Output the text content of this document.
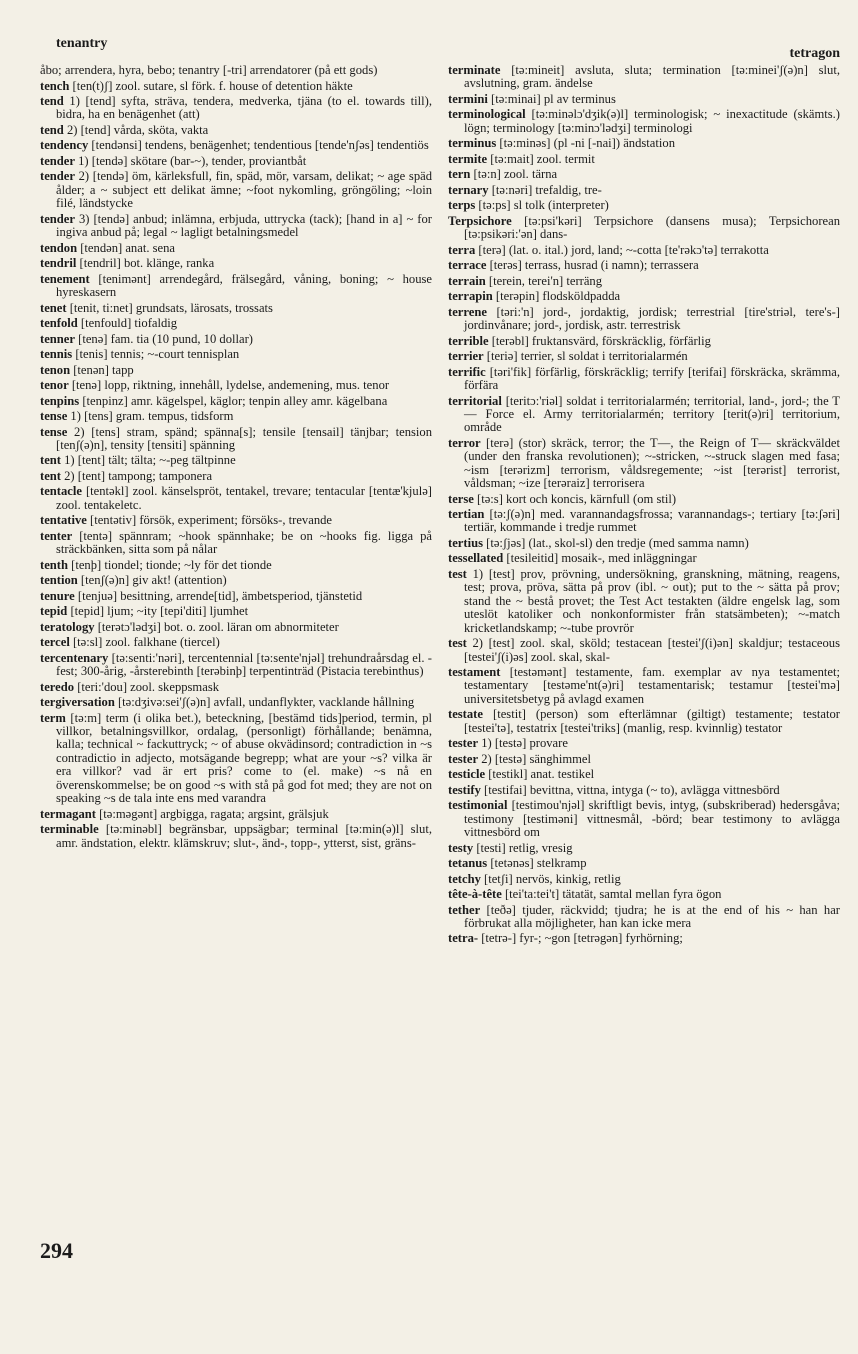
tenantry
tetragon

åbo; arrendera, hyra, bebo; tenantry [-tri] arrendatorer (på ett gods)

tench [ten(t)ʃ] zool. sutare, sl förk. f. house of detention häkte

tend 1) [tend] syfta, sträva, tendera, medverka, tjäna (to el. towards till), bidra, ha en benägenhet (att)

tend 2) [tend] vårda, sköta, vakta

tendency [tendənsi] tendens, benägenhet; tendentious [tende'nʃəs] tendentiös

tender 1) [tendə] skötare (bar-~), tender, proviantbåt

tender 2) [tendə] öm, kärleksfull, fin, späd, mör, varsam, delikat; ~ age späd ålder; a ~ subject ett delikat ämne; ~foot nykomling, gröngöling; ~loin filé, ländstycke

tender 3) [tendə] anbud; inlämna, erbjuda, uttrycka (tack); [hand in a] ~ for ingiva anbud på; legal ~ lagligt betalningsmedel

tendon [tendən] anat. sena

tendril [tendril] bot. klänge, ranka

tenement [tenimənt] arrendegård, frälsegård, våning, boning; ~ house hyreskasern

tenet [tenit, ti:net] grundsats, lärosats, trossats

tenfold [tenfould] tiofaldig

tenner [tenə] fam. tia (10 pund, 10 dollar)

tennis [tenis] tennis; ~-court tennisplan

tenon [tenən] tapp

tenor [tenə] lopp, riktning, innehåll, lydelse, andemening, mus. tenor

tenpins [tenpinz] amr. kägelspel, käglor; tenpin alley amr. kägelbana

tense 1) [tens] gram. tempus, tidsform

tense 2) [tens] stram, spänd; spänna[s]; tensile [tensail] tänjbar; tension [tenʃ(ə)n], tensity [tensiti] spänning

tent 1) [tent] tält; tälta; ~-peg tältpinne

tent 2) [tent] tampong; tamponera

tentacle [tentəkl] zool. känselspröt, tentakel, trevare; tentacular [tentæ'kjulə] zool. tentakeletc.

tentative [tentətiv] försök, experiment; försöks-, trevande

tenter [tentə] spännram; ~hook spännhake; be on ~hooks fig. ligga på sträckbänken, sitta som på nålar

tenth [tenþ] tiondel; tionde; ~ly för det tionde

tention [tenʃ(ə)n] giv akt! (attention)

tenure [tenjuə] besittning, arrende[tid], ämbetsperiod, tjänstetid

tepid [tepid] ljum; ~ity [tepi'diti] ljumhet

teratology [terətɔ'lədʒi] bot. o. zool. läran om abnormiteter

tercel [tə:sl] zool. falkhane (tiercel)

tercentenary [tə:senti:'nəri], tercentennial [tə:sente'njəl] trehundraårsdag el. -fest; 300-årig, -årsterebinth [terəbinþ] terpentinträd (Pistacia terebinthus)

teredo [teri:'dou] zool. skeppsmask

tergiversation [tə:dʒivə:sei'ʃ(ə)n] avfall, undanflykter, vacklande hållning

term [tə:m] term (i olika bet.), beteckning, [bestämd tids]period, termin, pl villkor, betalningsvillkor, ordalag, (personligt) förhållande; benämna, kalla; technical ~ fackuttryck; ~ of abuse okvädinsord; contradiction in ~s contradictio in adjecto, motsägande begrepp; what are your ~s? vilka är era villkor? vad är ert pris? come to (el. make) ~s nå en överenskommelse; be on good ~s with stå på god fot med; they are not on speaking ~s de tala inte ens med varandra

termagant [tə:məgənt] argbigga, ragata; argsint, grälsjuk

terminable [tə:minəbl] begränsbar, uppsägbar; terminal [tə:min(ə)l] slut, amr. ändstation, elektr. klämskruv; slut-, änd-, topp-, ytterst, sist, gräns-

terminate [tə:mineit] avsluta, sluta; termination [tə:minei'ʃ(ə)n] slut, avslutning, gram. ändelse

termini [tə:minai] pl av terminus

terminological [tə:minəlɔ'dʒik(ə)l] terminologisk; ~ inexactitude (skämts.) lögn; terminology [tə:minɔ'lədʒi] terminologi

terminus [tə:minəs] (pl -ni [-nai]) ändstation

termite [tə:mait] zool. termit

tern [tə:n] zool. tärna

ternary [tə:nəri] trefaldig, tre-

terps [tə:ps] sl tolk (interpreter)

Terpsichore [tə:psi'kəri] Terpsichore (dansens musa); Terpsichorean [tə:psikəri:'ən] dans-

terra [terə] (lat. o. ital.) jord, land; ~-cotta [te'rəkɔ'tə] terrakotta

terrace [terəs] terrass, husrad (i namn); terrassera

terrain [terein, terei'n] terräng

terrapin [terəpin] flodsköldpadda

terrene [təri:'n] jord-, jordaktig, jordisk; terrestrial [tire'striəl, tere's-] jordinvånare; jord-, jordisk, astr. terrestrisk

terrible [terəbl] fruktansvärd, förskräcklig, förfärlig

terrier [teriə] terrier, sl soldat i territorialarmén

terrific [təri'fik] förfärlig, förskräcklig; terrify [terifai] förskräcka, skrämma, förfära

territorial [teritɔ:'riəl] soldat i territorialarmén; territorial, land-, jord-; the T— Force el. Army territorialarmén; territory [terit(ə)ri] territorium, område

terror [terə] (stor) skräck, terror; the T—, the Reign of T— skräckväldet (under den franska revolutionen); ~-stricken, ~-struck slagen med fasa; ~ism [terərizm] terrorism, våldsregemente; ~ist [terərist] terrorist, våldsman; ~ize [terəraiz] terrorisera

terse [tə:s] kort och koncis, kärnfull (om stil)

tertian [tə:ʃ(ə)n] med. varannandagsfrossa; varannandags-; tertiary [tə:ʃəri] tertiär, kommande i tredje rummet

tertius [tə:ʃjəs] (lat., skol-sl) den tredje (med samma namn)

tessellated [tesileitid] mosaik-, med inläggningar

test 1) [test] prov, prövning, undersökning, granskning, mätning, reagens, test; prova, pröva, sätta på prov (ibl. ~ out); put to the ~ sätta på prov; stand the ~ bestå provet; the Test Act testakten (äldre engelsk lag, som uteslöt katoliker och nonkonformister från statsämbeten); ~-match kricketlandskamp; ~-tube provrör

test 2) [test] zool. skal, sköld; testacean [testei'ʃ(i)ən] skaldjur; testaceous [testei'ʃ(i)əs] zool. skal, skal-

testament [testəmənt] testamente, fam. exemplar av nya testamentet; testamentary [testəme'nt(ə)ri] testamentarisk; testamur [testei'mə] universitetsbetyg på avlagd examen

testate [testit] (person) som efterlämnar (giltigt) testamente; testator [testei'tə], testatrix [testei'triks] (manlig, resp. kvinnlig) testator

tester 1) [testə] provare

tester 2) [testə] sänghimmel

testicle [testikl] anat. testikel

testify [testifai] bevittna, vittna, intyga (~ to), avlägga vittnesbörd

testimonial [testimou'njəl] skriftligt bevis, intyg, (subskriberad) hedersgåva; testimony [testiməni] vittnesmål, -börd; bear testimony to avlägga vittnesbörd om

testy [testi] retlig, vresig

tetanus [tetənəs] stelkramp

tetchy [tetʃi] nervös, kinkig, retlig

tête-à-tête [tei'ta:tei't] tätatät, samtal mellan fyra ögon

tether [teðə] tjuder, räckvidd; tjudra; he is at the end of his ~ han har förbrukat alla möjligheter, han kan icke mera

tetra- [tetrə-] fyr-; ~gon [tetrəgən] fyrhörning;

294
